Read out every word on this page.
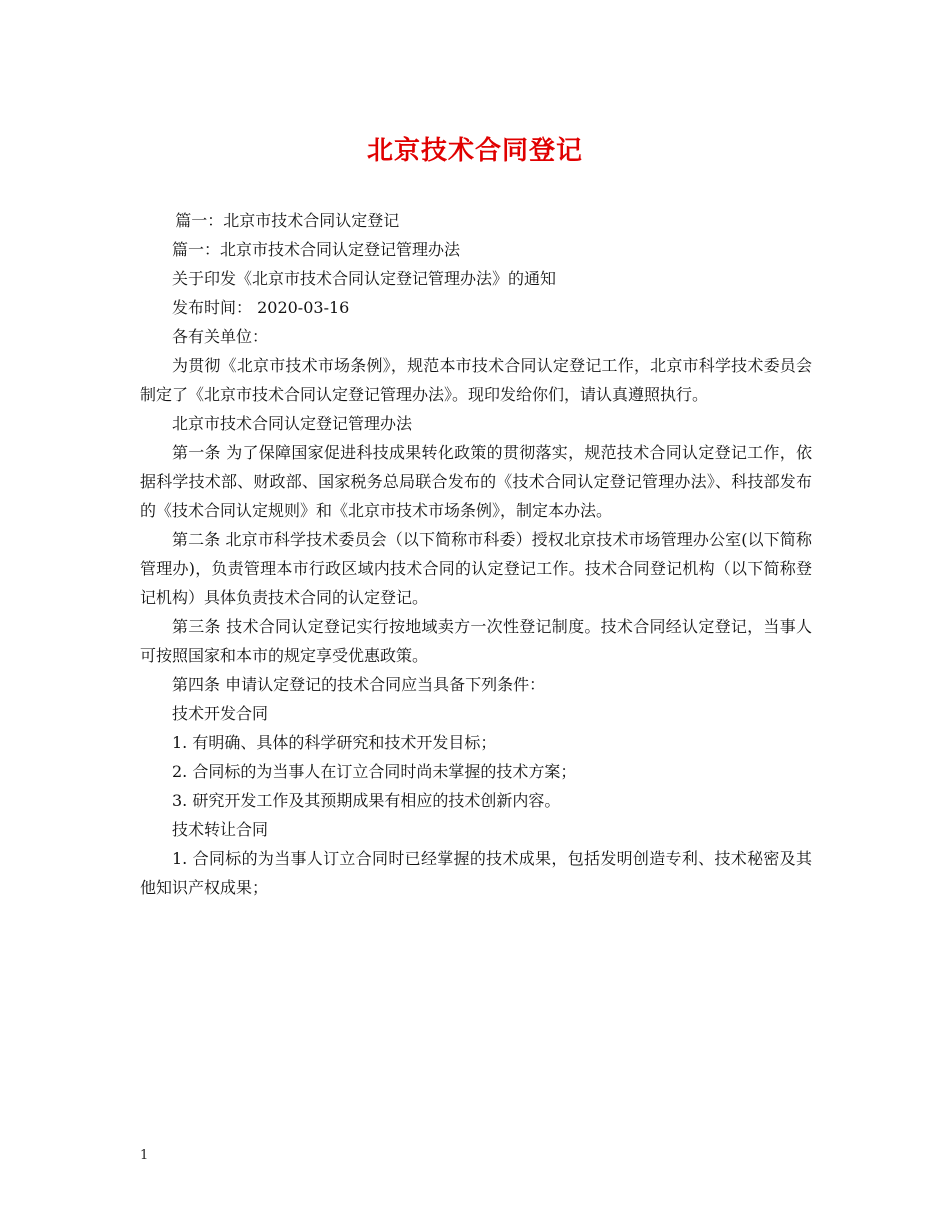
北京技术合同登记

篇一：北京市技术合同认定登记

篇一：北京市技术合同认定登记管理办法

关于印发《北京市技术合同认定登记管理办法》的通知

发布时间： 2020-03-16

各有关单位：

为贯彻《北京市技术市场条例》，规范本市技术合同认定登记工作，北京市科学技术委员会制定了《北京市技术合同认定登记管理办法》。现印发给你们，请认真遵照执行。

北京市技术合同认定登记管理办法

第一条 为了保障国家促进科技成果转化政策的贯彻落实，规范技术合同认定登记工作，依据科学技术部、财政部、国家税务总局联合发布的《技术合同认定登记管理办法》、科技部发布的《技术合同认定规则》和《北京市技术市场条例》，制定本办法。

第二条 北京市科学技术委员会（以下简称市科委）授权北京技术市场管理办公室(以下简称管理办)，负责管理本市行政区域内技术合同的认定登记工作。技术合同登记机构（以下简称登记机构）具体负责技术合同的认定登记。

第三条 技术合同认定登记实行按地域卖方一次性登记制度。技术合同经认定登记，当事人可按照国家和本市的规定享受优惠政策。

第四条 申请认定登记的技术合同应当具备下列条件：

技术开发合同

1. 有明确、具体的科学研究和技术开发目标；

2. 合同标的为当事人在订立合同时尚未掌握的技术方案；

3. 研究开发工作及其预期成果有相应的技术创新内容。

技术转让合同

1. 合同标的为当事人订立合同时已经掌握的技术成果，包括发明创造专利、技术秘密及其他知识产权成果；

1
